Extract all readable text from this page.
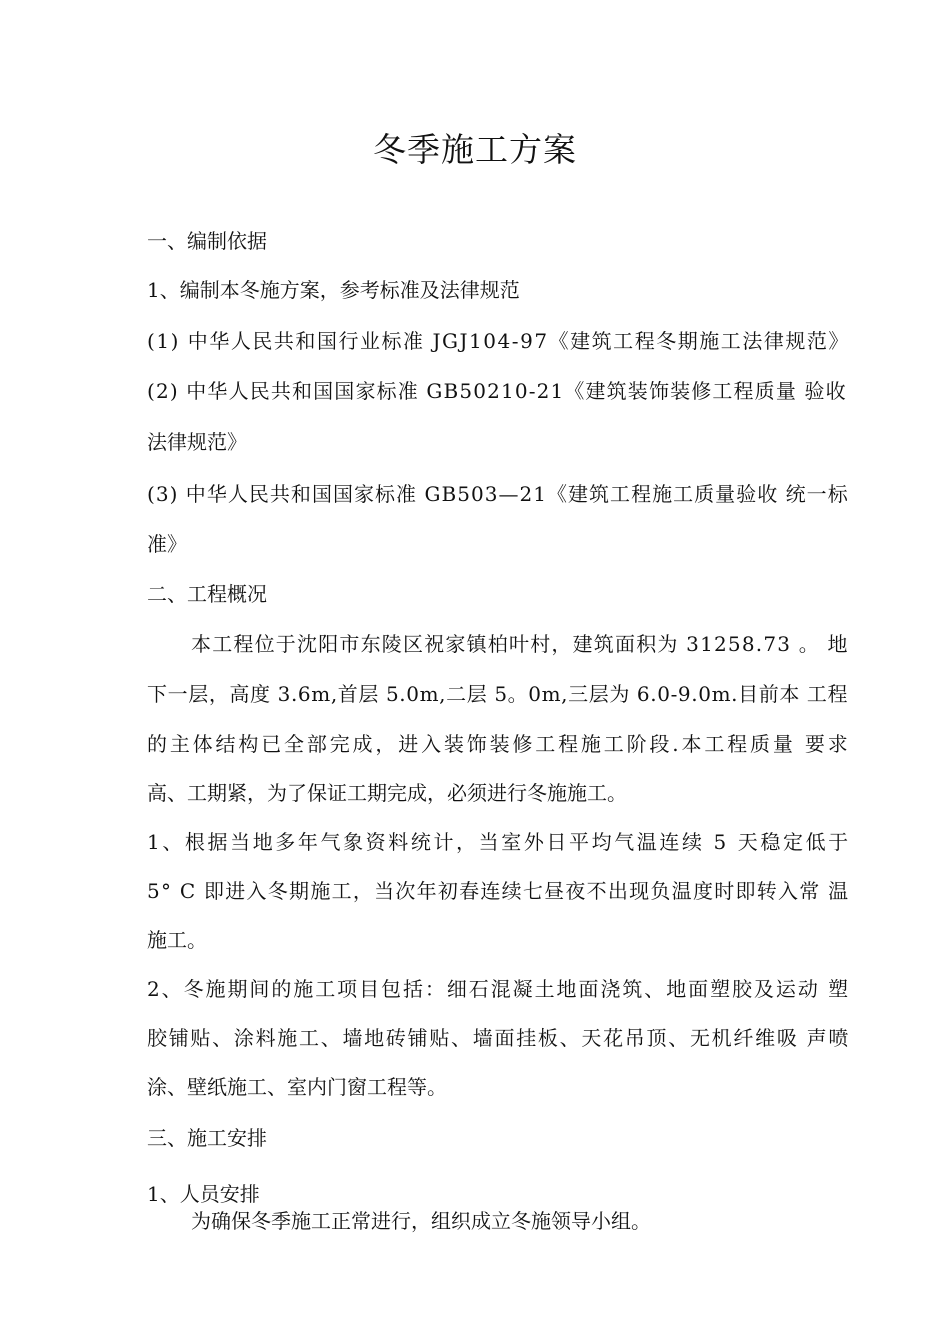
冬季施工方案
一、编制依据
1、编制本冬施方案，参考标准及法律规范
(1) 中华人民共和国行业标准 JGJ104-97《建筑工程冬期施工法律规范》
(2) 中华人民共和国国家标准 GB50210-21《建筑装饰装修工程质量 验收
法律规范》
(3) 中华人民共和国国家标准 GB503—21《建筑工程施工质量验收 统一标
准》
二、工程概况
本工程位于沈阳市东陵区祝家镇柏叶村，建筑面积为 31258.73 。 地
下一层，高度 3.6m,首层 5.0m,二层 5。0m,三层为 6.0-9.0m.目前本 工程
的主体结构已全部完成，进入装饰装修工程施工阶段.本工程质量 要求
高、工期紧，为了保证工期完成，必须进行冬施施工。
1、根据当地多年气象资料统计，当室外日平均气温连续 5 天稳定低于
5° C 即进入冬期施工，当次年初春连续七昼夜不出现负温度时即转入常 温
施工。
2、冬施期间的施工项目包括：细石混凝土地面浇筑、地面塑胶及运动 塑
胶铺贴、涂料施工、墙地砖铺贴、墙面挂板、天花吊顶、无机纤维吸 声喷
涂、壁纸施工、室内门窗工程等。
三、施工安排
1、人员安排
为确保冬季施工正常进行，组织成立冬施领导小组。
